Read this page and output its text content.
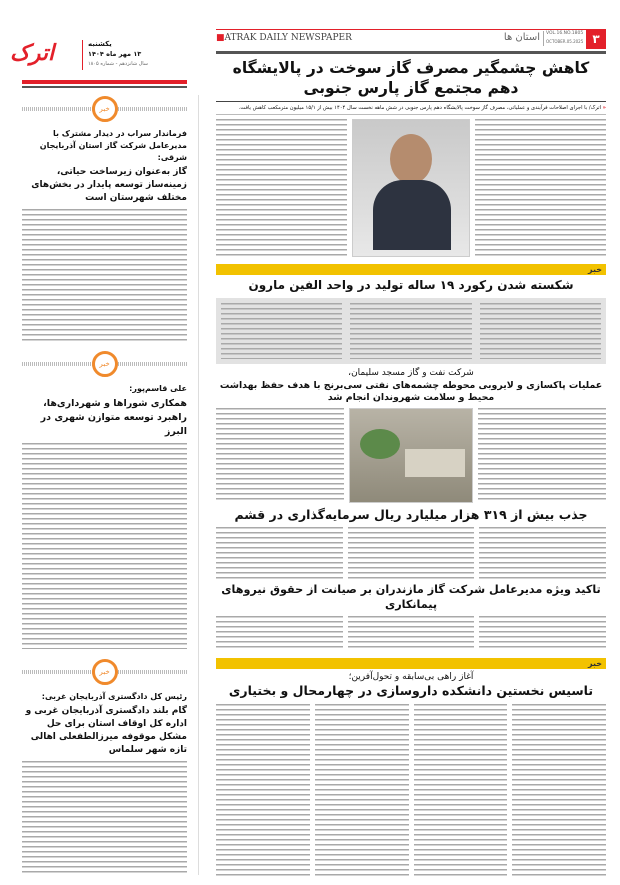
اترک	یکشنبه
۱۳ مهر ماه ۱۴۰۴
سال شانزدهم - شماره ۱۸۰۵
■ATRAK DAILY NEWSPAPER	استان ها VOL.16.NO.1805
OCTOBER.05.2025 ۳
کاهش چشمگیر مصرف گاز سوخت در پالایشگاه دهم مجتمع گاز پارس جنوبی
« اترک/ با اجرای اصلاحات فرآیندی و عملیاتی، مصرف گاز سوخت پالایشگاه دهم پارس جنوبی در شش ماهه نخست سال ۱۴۰۴ بیش از ۱۵/۱ میلیون مترمکعب کاهش یافت.
خبر
شکسته شدن رکورد ۱۹ ساله تولید در واحد الفین مارون
شرکت نفت و گاز مسجد سلیمان،
عملیات پاکسازی و لایروبی محوطه چشمه‌های نفتی سی‌برنج با هدف حفظ بهداشت محیط و سلامت شهروندان انجام شد
جذب بیش از ۳۱۹ هزار میلیارد ریال سرمایه‌گذاری در قشم
تاکید ویژه مدیرعامل شرکت گاز مازندران بر صیانت از حقوق نیروهای پیمانکاری
خبر
آغاز راهی بی‌سابقه و تحول‌آفرین؛
تاسیس نخستین دانشکده داروسازی در چهارمحال و بختیاری
خبر
فرماندار سراب در دیدار مشترک با مدیرعامل شرکت گاز استان آذربایجان شرقی:
گاز به‌عنوان زیرساخت حیاتی، زمینه‌ساز توسعه پایدار در بخش‌های مختلف شهرستان است
خبر
علی قاسم‌پور:
همکاری شوراها و شهرداری‌ها، راهبرد توسعه متوازن شهری در البرز
خبر
رئیس کل دادگستری آذربایجان غربی:
گام بلند دادگستری آذربایجان غربی و اداره کل اوقاف استان برای حل مشکل موقوفه میرزالطفعلی اهالی تازه شهر سلماس
